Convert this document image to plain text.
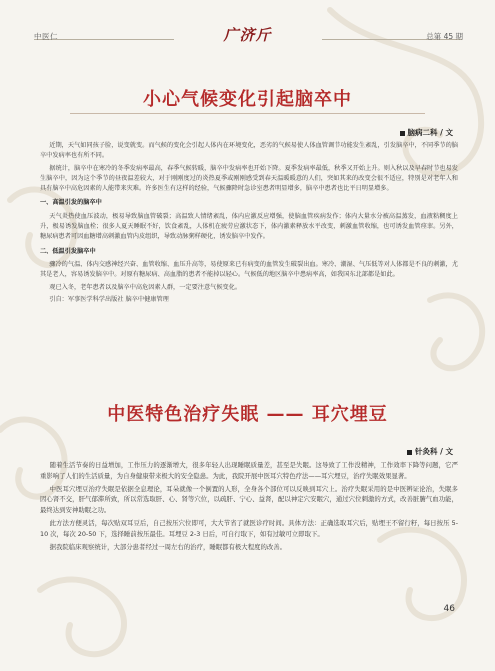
中医仁	广济斤	总第 45 期
小心气候变化引起脑卒中
脑病二科 / 文

近期，天气如同孩子脸，说变就变。而气候的变化会引起人体内在环境变化，恶劣的气候易使人体血管调节功能发生紊乱，引发脑卒中，不同季节的脑卒中发病率也有所不同。

据统计，脑卒中在寒冷的冬季发病率最高，春季气候转暖，脑卒中发病率也开始下降。夏季发病率最低，秋季又开始上升。则入秋以及早春时节也易发生脑卒中，因为这个季节的昼夜温差较大，对于刚刚度过的炎热夏季或刚刚感受到春天温暖暖意的人们，突如其来的改变会很不适应，特别是对老年人和具有脑卒中高危因素的人能带来灾难。许多医生有这样的经验，气候骤降时急诊室患者明显增多，脑卒中患者也比平日明显增多。

一、高温引发的脑卒中

天气炎热使血压波动，极易导致脑血管破裂；高温致人情绪紊乱，体内应激反应增强，使脑血管疾病发作；体内大量水分被高温蒸发，血液粘稠度上升，极易诱发脑血栓；很多人夏天睡眠不好，饮食紊乱，人体机在疲劳应激状态下，体内激素释放水平改变，刺激血管收缩，也可诱发血管痉挛。另外，糖尿病患者可因血糖增高刺激血管内皮组织，导致动脉粥样硬化，诱发脑卒中发作。

二、低温引发脑卒中

骤冷的气温、体内交感神经兴奋、血管收缩、血压升高等，易使原来已有病变的血管发生破裂出血。寒冷、潮湿、气压低等对人体都是不良的刺激，尤其是老人，容易诱发脑卒中。对原有糖尿病、高血脂的患者不能掉以轻心。气候低的地区脑卒中患病率高，如我国东北部都是如此。

观已入冬，老年患者以及脑卒中高危因素人群，一定要注意气候变化。

引自：军事医学科学出版社 脑卒中健康管理

中医特色治疗失眠 —— 耳穴埋豆
针灸科 / 文

随着生活节奏的日益增加，工作压力的逐渐增大，很多年轻人出现睡眠质量差，甚至是失眠。这导致了工作没精神，工作效率下降等问题，它严重影响了人们的生活质量，为自身健康带来极大的安全隐患。为此，我院开展中医耳穴特色疗法——耳穴埋豆，治疗失眠效果显著。

中医耳穴埋豆治疗失眠是依据全息理论，耳朵就像一个倒置的人形，全身各个部位可以反映到耳穴上。治疗失眠采用的是中医辨证论治，失眠多因心肾不交，肝气郁滞所致，所以常选取肝、心、肾等穴位，以疏肝、宁心、益肾，配以神定穴安眠穴，通过穴位刺激的方式，改善脏腑气血功能，最终达到安神助眠之功。

此方法方便灵活，每次贴双耳豆后，自己按压穴位即可，大大节省了就医诊疗时间。具体方法：正确选取耳穴后，贴埋王不留行籽，每日按压 5-10 次，每次 20-50 下，选择睡前按压最佳。耳埋豆 2-3 日后，可自行取下，如有过敏可立即取下。

据我院临床观察统计，大部分患者经过一周左右的治疗，睡眠都有极大程度的改善。

46
